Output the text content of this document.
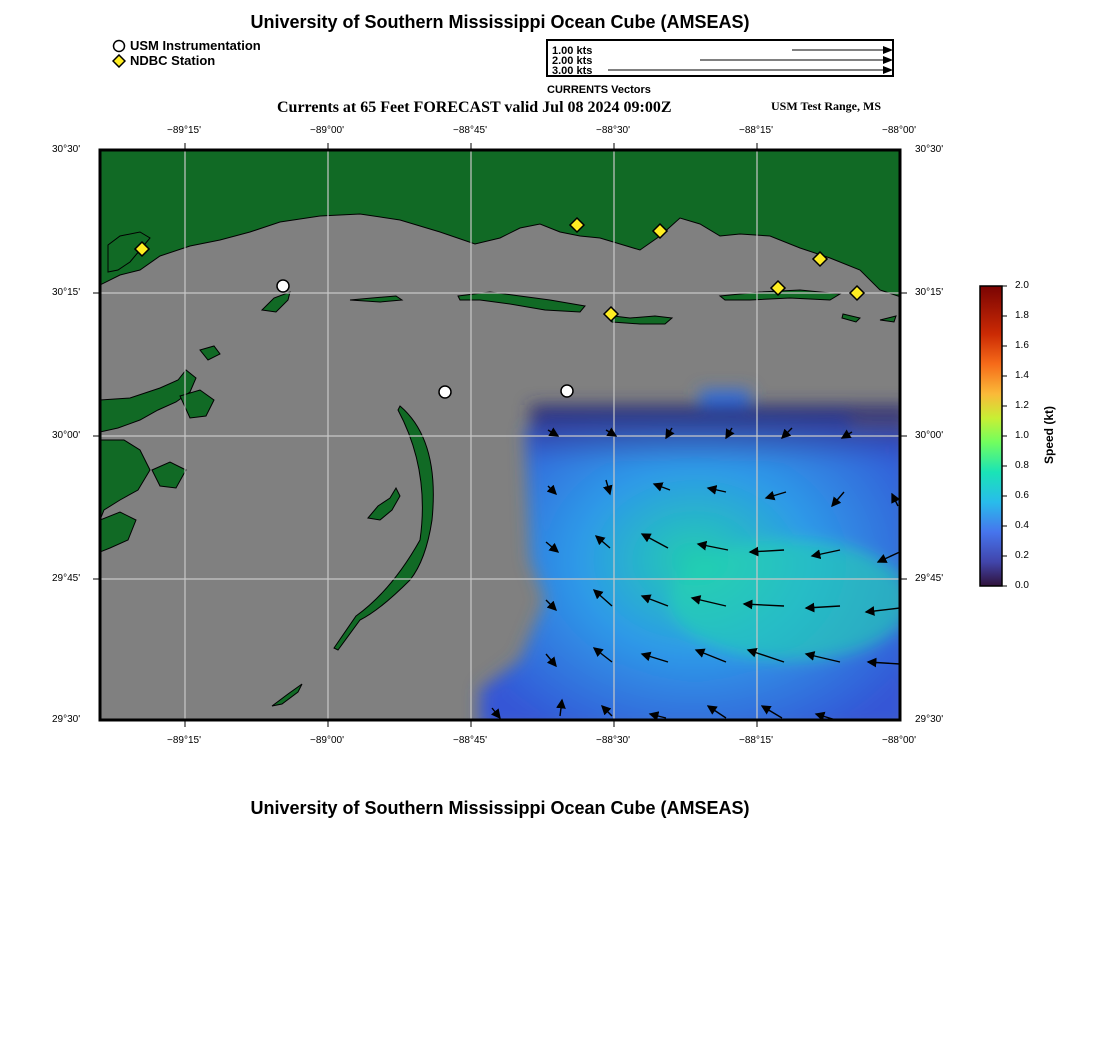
University of Southern Mississippi Ocean Cube (AMSEAS)
USM Instrumentation
NDBC Station
1.00 kts
2.00 kts
3.00 kts
CURRENTS Vectors
Currents at 65 Feet FORECAST valid Jul 08 2024 09:00Z	USM Test Range, MS
−89°15'	−89°00'	−88°45'	−88°30'	−88°15'	−88°00'
−89°15'	−89°00'	−88°45'	−88°30'	−88°15'	−88°00'
30°30'
30°15'
30°00'
29°45'
29°30'
30°30'
30°15'
30°00'
29°45'
29°30'
2.0
1.8
1.6
1.4
1.2
1.0
0.8
0.6
0.4
0.2
0.0
Speed (kt)
University of Southern Mississippi Ocean Cube (AMSEAS)
